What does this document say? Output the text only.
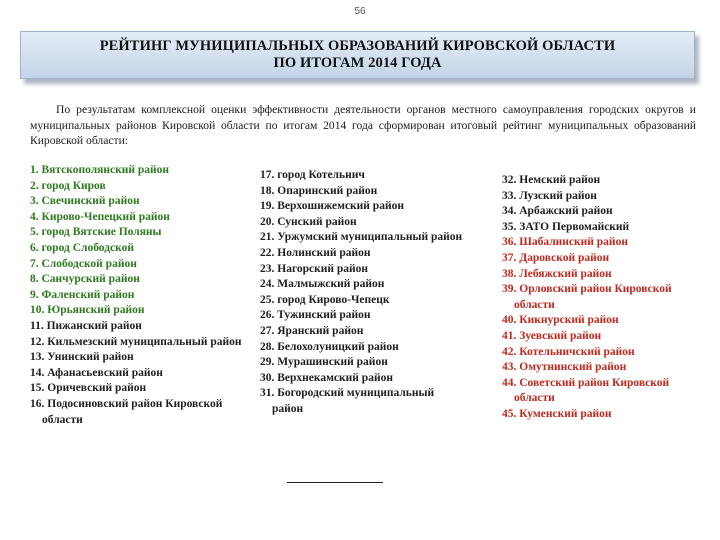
56
РЕЙТИНГ МУНИЦИПАЛЬНЫХ ОБРАЗОВАНИЙ КИРОВСКОЙ ОБЛАСТИ
ПО ИТОГАМ 2014 ГОДА

По результатам комплексной оценки эффективности деятельности органов местного самоуправления городских округов и муниципальных районов Кировской области по итогам 2014 года сформирован итоговый рейтинг муниципальных образований Кировской области:

1. Вятскополянский район
2. город Киров
3. Свечинский район
4. Кирово-Чепецкий район
5. город Вятские Поляны
6. город Слободской
7. Слободской район
8. Санчурский район
9. Фаленский район
10. Юрьянский район
11. Пижанский район
12. Кильмезский муниципальный район
13. Унинский район
14. Афанасьевский район
15. Оричевский район
16. Подосиновский район Кировской области
17. город Котельнич
18. Опаринский район
19. Верхошижемский район
20. Сунский район
21. Уржумский муниципальный район
22. Нолинский район
23. Нагорский район
24. Малмыжский район
25. город Кирово-Чепецк
26. Тужинский район
27. Яранский район
28. Белохолуницкий район
29. Мурашинский район
30. Верхнекамский район
31. Богородский муниципальный район
32. Немский район
33. Лузский район
34. Арбажский район
35. ЗАТО Первомайский
36. Шабалинский район
37. Даровской район
38. Лебяжский район
39. Орловский район Кировской области
40. Кикнурский район
41. Зуевский район
42. Котельничский район
43. Омутнинский район
44. Советский район Кировской области
45. Куменский район
